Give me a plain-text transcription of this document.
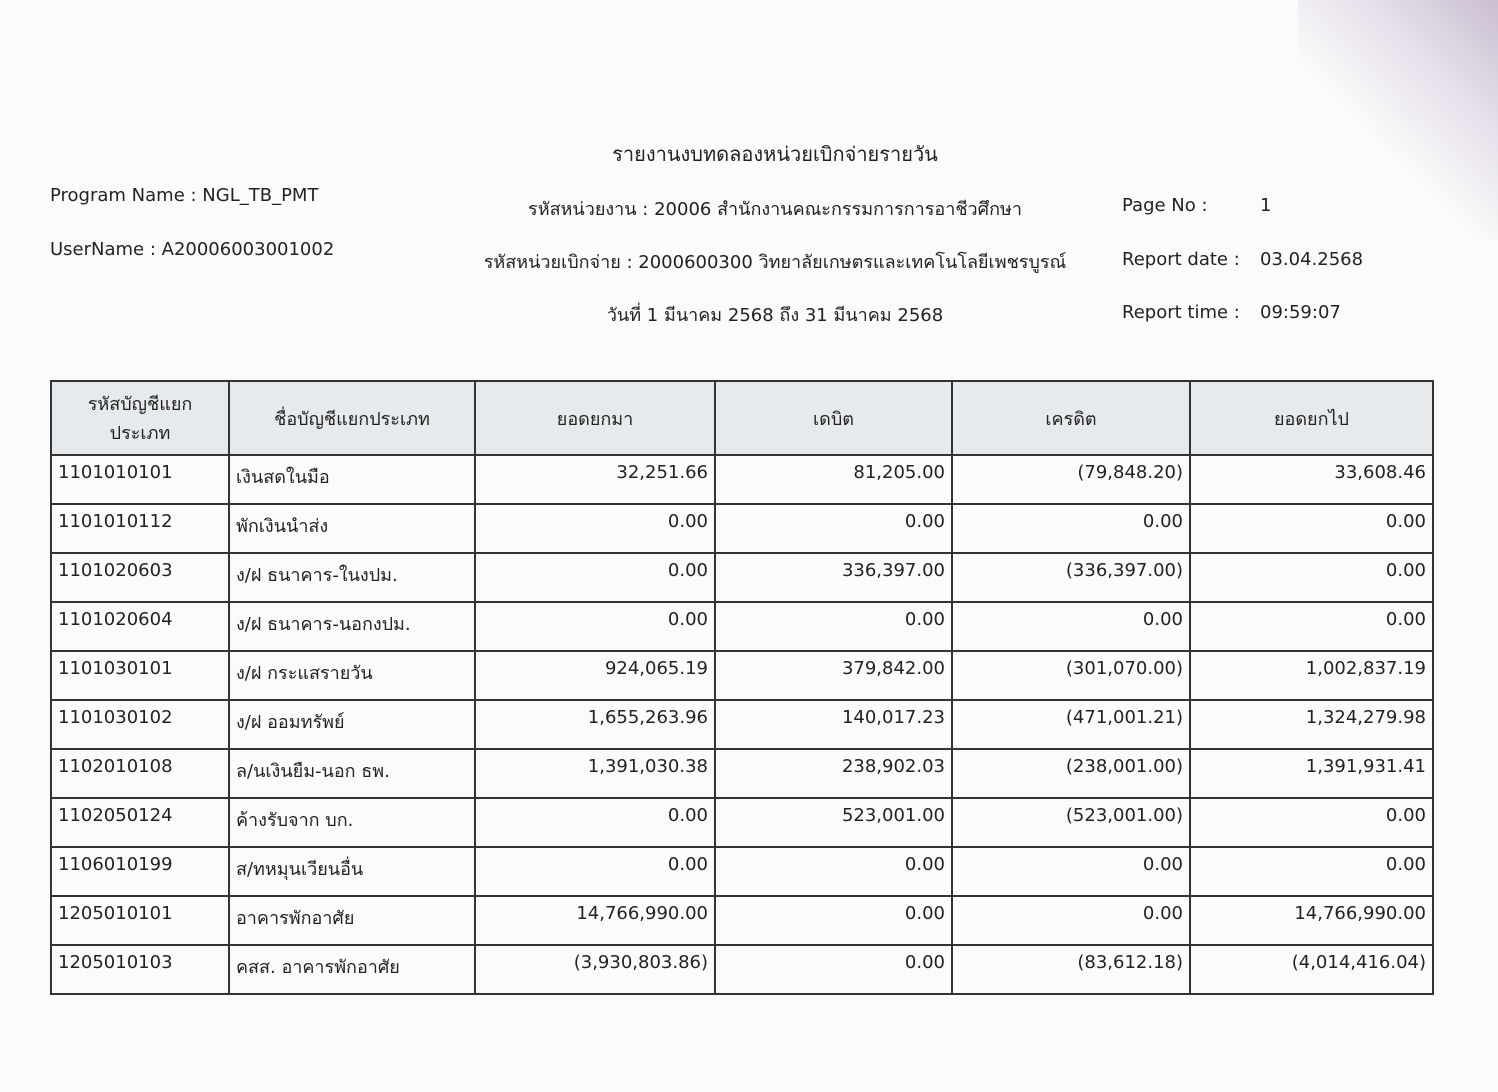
รายงานงบทดลองหน่วยเบิกจ่ายรายวัน
Program Name : NGL_TB_PMT
UserName : A20006003001002
รหัสหน่วยงาน : 20006 สำนักงานคณะกรรมการการอาชีวศึกษา
รหัสหน่วยเบิกจ่าย : 2000600300 วิทยาลัยเกษตรและเทคโนโลยีเพชรบูรณ์
วันที่ 1 มีนาคม 2568 ถึง 31 มีนาคม 2568
Page No :	1
Report date : 03.04.2568
Report time : 09:59:07
รหัสบัญชีแยกประเภท	ชื่อบัญชีแยกประเภท	ยอดยกมา	เดบิต	เครดิต	ยอดยกไป
1101010101	เงินสดในมือ	32,251.66	81,205.00	(79,848.20)	33,608.46
1101010112	พักเงินนำส่ง	0.00	0.00	0.00	0.00
1101020603	ง/ฝ ธนาคาร-ในงปม.	0.00	336,397.00	(336,397.00)	0.00
1101020604	ง/ฝ ธนาคาร-นอกงปม.	0.00	0.00	0.00	0.00
1101030101	ง/ฝ กระแสรายวัน	924,065.19	379,842.00	(301,070.00)	1,002,837.19
1101030102	ง/ฝ ออมทรัพย์	1,655,263.96	140,017.23	(471,001.21)	1,324,279.98
1102010108	ล/นเงินยืม-นอก ธพ.	1,391,030.38	238,902.03	(238,001.00)	1,391,931.41
1102050124	ค้างรับจาก บก.	0.00	523,001.00	(523,001.00)	0.00
1106010199	ส/ทหมุนเวียนอื่น	0.00	0.00	0.00	0.00
1205010101	อาคารพักอาศัย	14,766,990.00	0.00	0.00	14,766,990.00
1205010103	คสส. อาคารพักอาศัย	(3,930,803.86)	0.00	(83,612.18)	(4,014,416.04)
